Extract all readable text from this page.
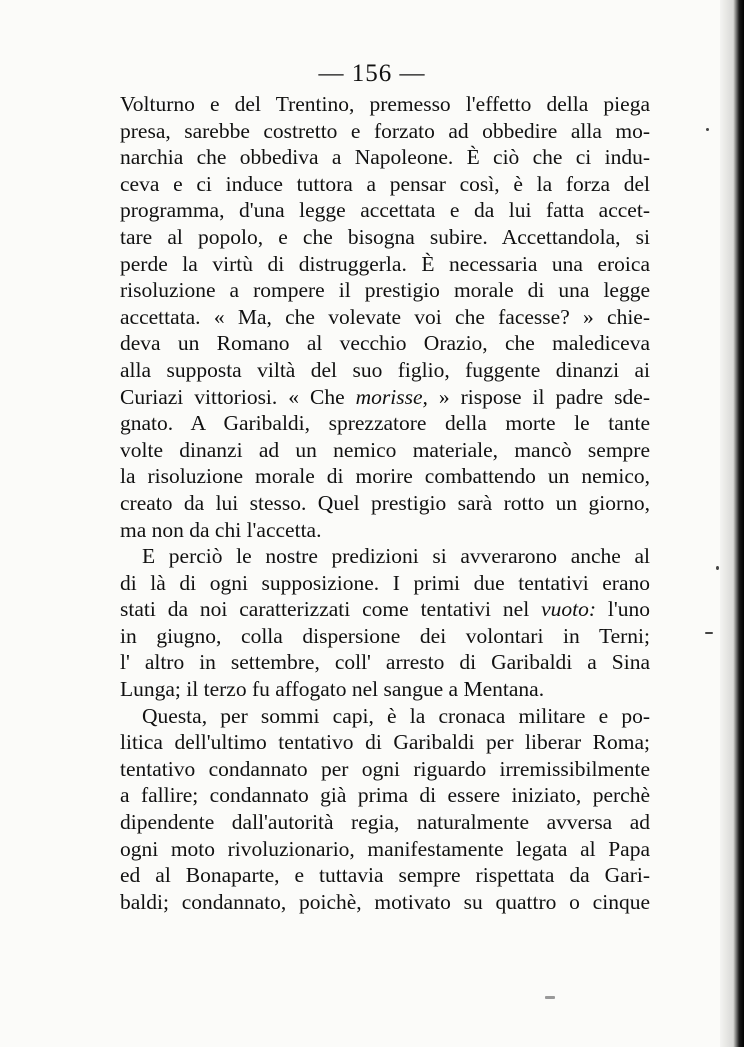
— 156 —
Volturno e del Trentino, premesso l'effetto della piega
presa, sarebbe costretto e forzato ad obbedire alla mo-
narchia che obbediva a Napoleone. È ciò che ci indu-
ceva e ci induce tuttora a pensar così, è la forza del
programma, d'una legge accettata e da lui fatta accet-
tare al popolo, e che bisogna subire. Accettandola, si
perde la virtù di distruggerla. È necessaria una eroica
risoluzione a rompere il prestigio morale di una legge
accettata. « Ma, che volevate voi che facesse? » chie-
deva un Romano al vecchio Orazio, che malediceva
alla supposta viltà del suo figlio, fuggente dinanzi ai
Curiazi vittoriosi. « Che morisse, » rispose il padre sde-
gnato. A Garibaldi, sprezzatore della morte le tante
volte dinanzi ad un nemico materiale, mancò sempre
la risoluzione morale di morire combattendo un nemico,
creato da lui stesso. Quel prestigio sarà rotto un giorno,
ma non da chi l'accetta.
E perciò le nostre predizioni si avverarono anche al
di là di ogni supposizione. I primi due tentativi erano
stati da noi caratterizzati come tentativi nel vuoto: l'uno
in giugno, colla dispersione dei volontari in Terni;
l' altro in settembre, coll' arresto di Garibaldi a Sina
Lunga; il terzo fu affogato nel sangue a Mentana.
Questa, per sommi capi, è la cronaca militare e po-
litica dell'ultimo tentativo di Garibaldi per liberar Roma;
tentativo condannato per ogni riguardo irremissibilmente
a fallire; condannato già prima di essere iniziato, perchè
dipendente dall'autorità regia, naturalmente avversa ad
ogni moto rivoluzionario, manifestamente legata al Papa
ed al Bonaparte, e tuttavia sempre rispettata da Gari-
baldi; condannato, poichè, motivato su quattro o cinque
